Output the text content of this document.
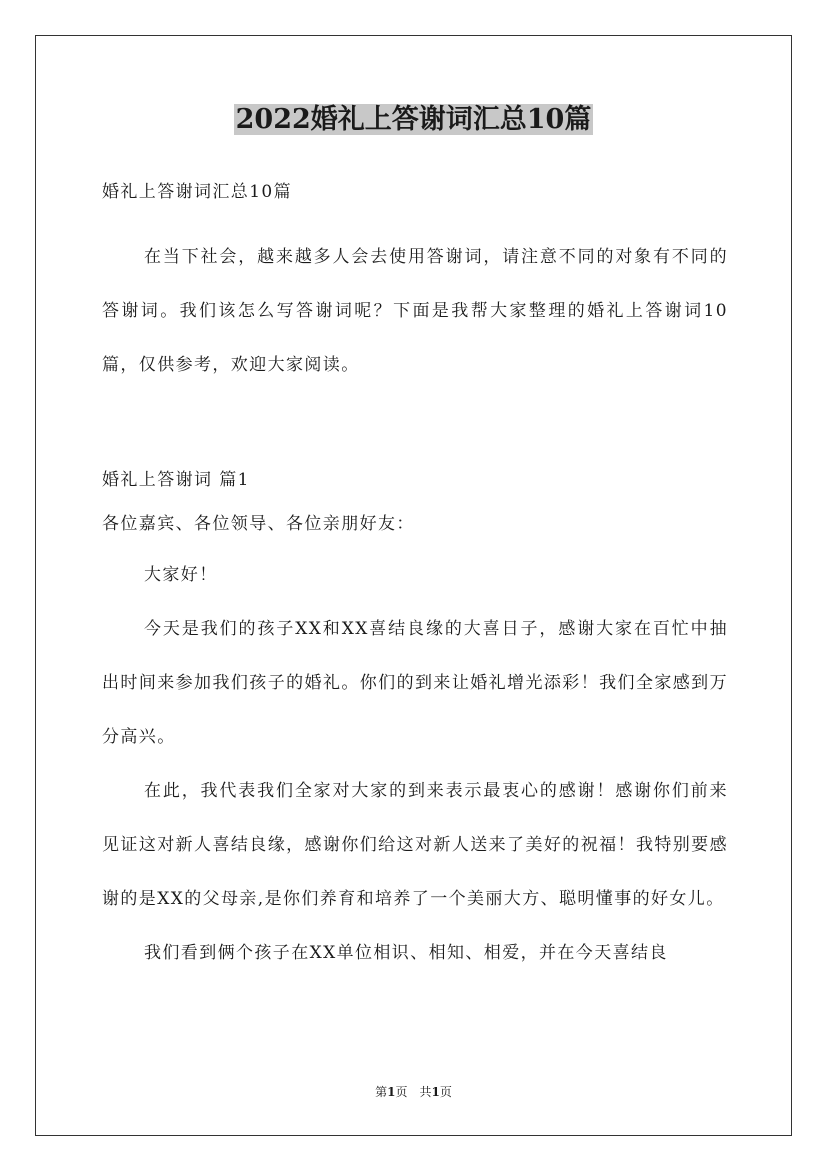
2022婚礼上答谢词汇总10篇

婚礼上答谢词汇总10篇

在当下社会，越来越多人会去使用答谢词，请注意不同的对象有不同的答谢词。我们该怎么写答谢词呢？下面是我帮大家整理的婚礼上答谢词10篇，仅供参考，欢迎大家阅读。

婚礼上答谢词 篇1

各位嘉宾、各位领导、各位亲朋好友：

大家好！

今天是我们的孩子XX和XX喜结良缘的大喜日子，感谢大家在百忙中抽出时间来参加我们孩子的婚礼。你们的到来让婚礼增光添彩！我们全家感到万分高兴。

在此，我代表我们全家对大家的到来表示最衷心的感谢！感谢你们前来见证这对新人喜结良缘，感谢你们给这对新人送来了美好的祝福！我特别要感谢的是XX的父母亲,是你们养育和培养了一个美丽大方、聪明懂事的好女儿。

我们看到俩个孩子在XX单位相识、相知、相爱，并在今天喜结良

第1页　共1页
